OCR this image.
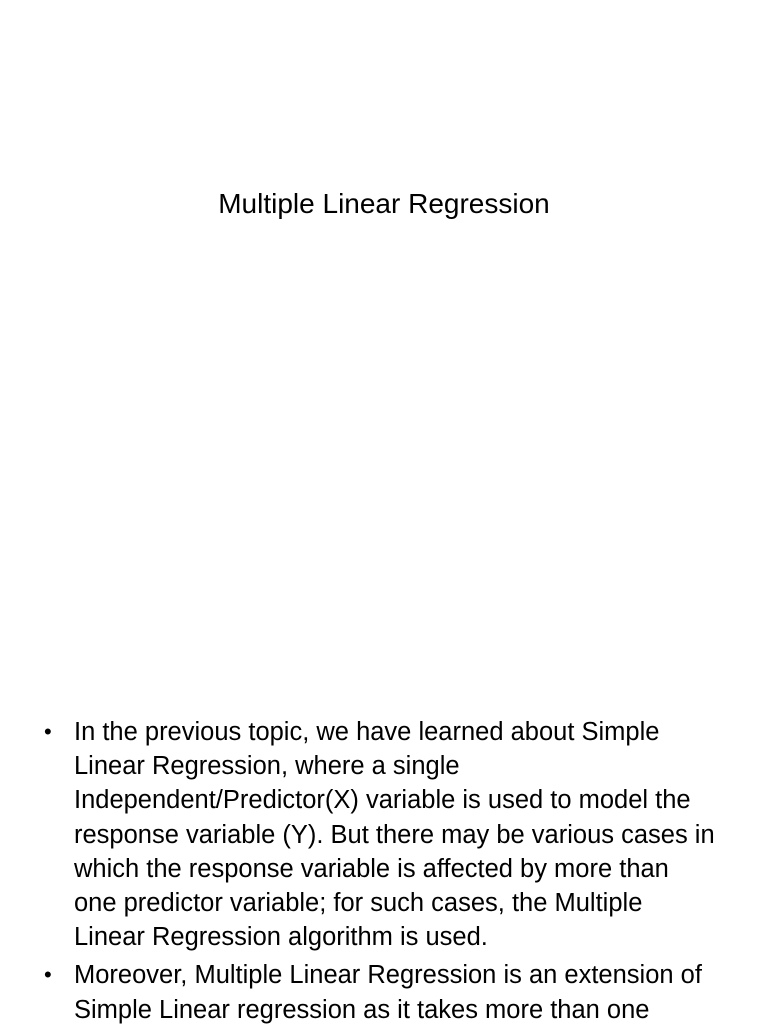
Multiple Linear Regression
• In the previous topic, we have learned about Simple
Linear Regression, where a single
Independent/Predictor(X) variable is used to model the
response variable (Y). But there may be various cases in
which the response variable is affected by more than
one predictor variable; for such cases, the Multiple
Linear Regression algorithm is used.
• Moreover, Multiple Linear Regression is an extension of
Simple Linear regression as it takes more than one
